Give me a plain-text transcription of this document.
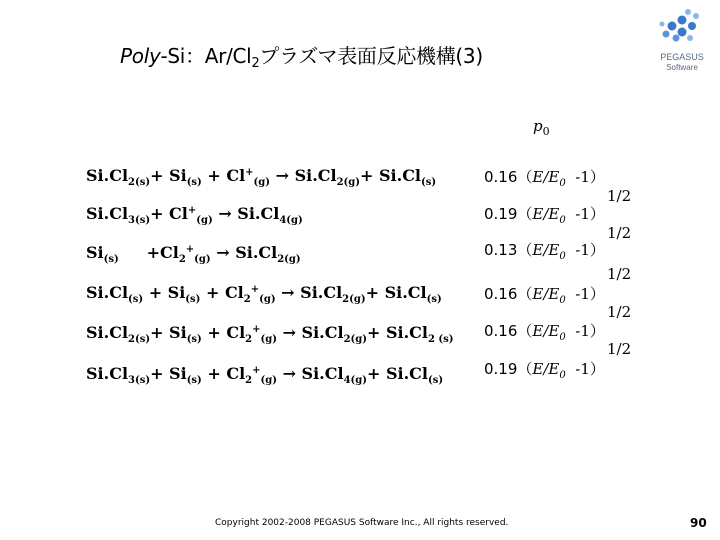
Poly-Si：$Ar/Cl_2$プラズマ表面反応機構(3)	PEGASUS
Software
$p_0$
$Si.Cl_{2(s)}+ Si_{(s)} + Cl^+_{(g)} \to Si.Cl_{2(g)}+ Si.Cl_{(s)}$
$Si.Cl_{3(s)}+ Cl^+_{(g)} \to Si.Cl_{4(g)}$
$Si_{(s)} +Cl_2^+_{(g)} \to Si.Cl_{2(g)}$
$Si.Cl_{(s)} + Si_{(s)} + Cl_2^+_{(g)} \to Si.Cl_{2(g)}+ Si.Cl_{(s)}$
$Si.Cl_{2(s)}+ Si_{(s)} + Cl_2^+_{(g)} \to Si.Cl_{2(g)}+ Si.Cl_{2 (s)}$
$Si.Cl_{3(s)}+ Si_{(s)} + Cl_2^+_{(g)} \to Si.Cl_{4(g)}+ Si.Cl_{(s)}$
$0.16(E/E_0$ -1）
$0.19(E/E_0$ -1）
$0.13(E/E_0$ -1）
$0.16(E/E_0$ -1）
$0.16(E/E_0$ -1）
$0.19(E/E_0$ -1）
1/2
1/2
1/2
1/2
1/2
Copyright 2002-2008 PEGASUS Software Inc., All rights reserved.	90
